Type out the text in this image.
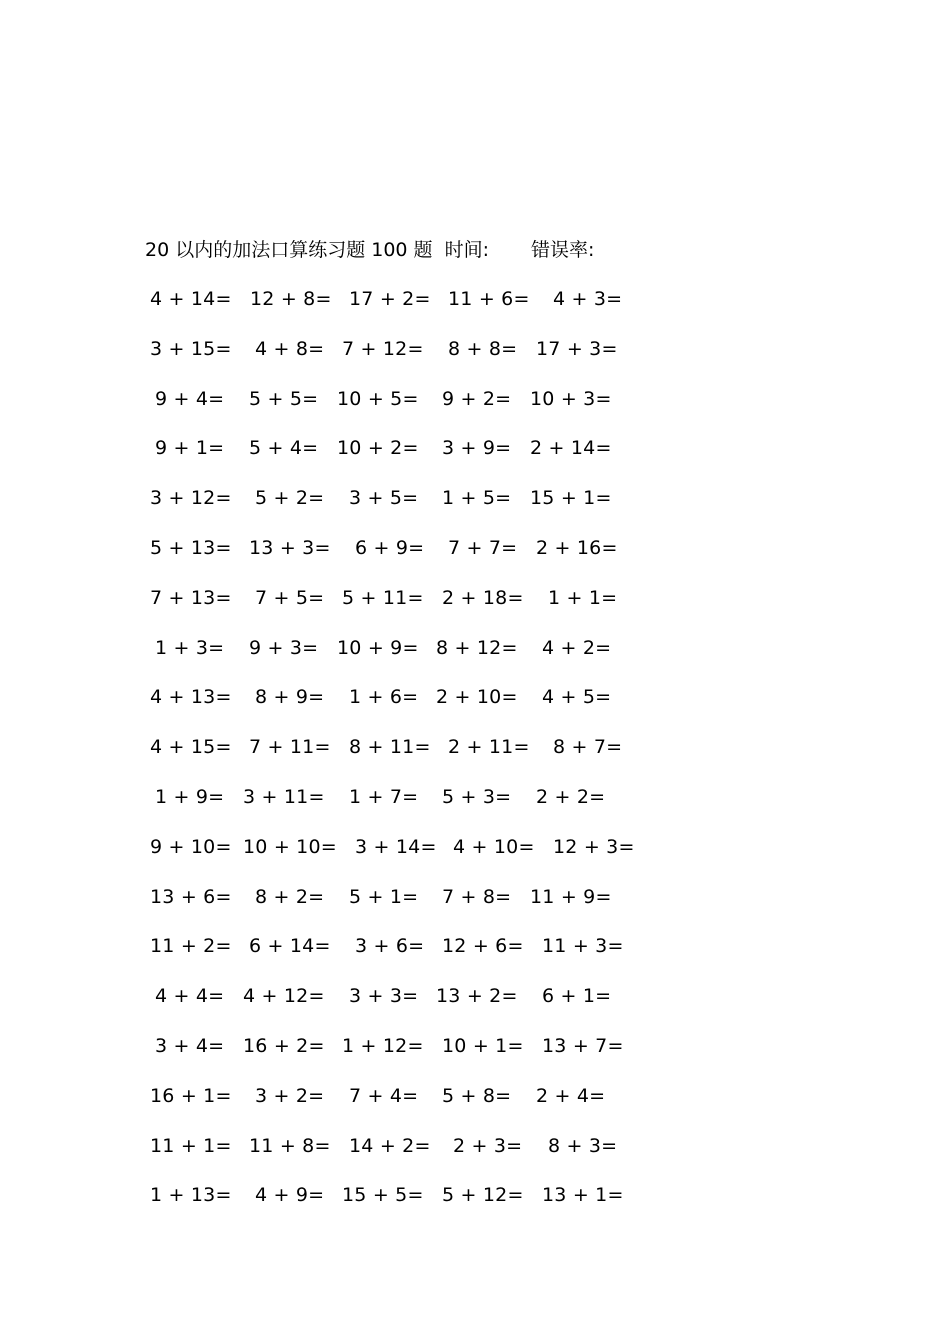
20 以内的加法口算练习题 100 题 时间: 错误率:
4 + 14= 12 + 8= 17 + 2= 11 + 6= 4 + 3=
3 + 15= 4 + 8= 7 + 12= 8 + 8= 17 + 3=
9 + 4= 5 + 5= 10 + 5= 9 + 2= 10 + 3=
9 + 1= 5 + 4= 10 + 2= 3 + 9= 2 + 14=
3 + 12= 5 + 2= 3 + 5= 1 + 5= 15 + 1=
5 + 13= 13 + 3= 6 + 9= 7 + 7= 2 + 16=
7 + 13= 7 + 5= 5 + 11= 2 + 18= 1 + 1=
1 + 3= 9 + 3= 10 + 9= 8 + 12= 4 + 2=
4 + 13= 8 + 9= 1 + 6= 2 + 10= 4 + 5=
4 + 15= 7 + 11= 8 + 11= 2 + 11= 8 + 7=
1 + 9= 3 + 11= 1 + 7= 5 + 3= 2 + 2=
9 + 10= 10 + 10= 3 + 14= 4 + 10= 12 + 3=
13 + 6= 8 + 2= 5 + 1= 7 + 8= 11 + 9=
11 + 2= 6 + 14= 3 + 6= 12 + 6= 11 + 3=
4 + 4= 4 + 12= 3 + 3= 13 + 2= 6 + 1=
3 + 4= 16 + 2= 1 + 12= 10 + 1= 13 + 7=
16 + 1= 3 + 2= 7 + 4= 5 + 8= 2 + 4=
11 + 1= 11 + 8= 14 + 2= 2 + 3= 8 + 3=
1 + 13= 4 + 9= 15 + 5= 5 + 12= 13 + 1=
